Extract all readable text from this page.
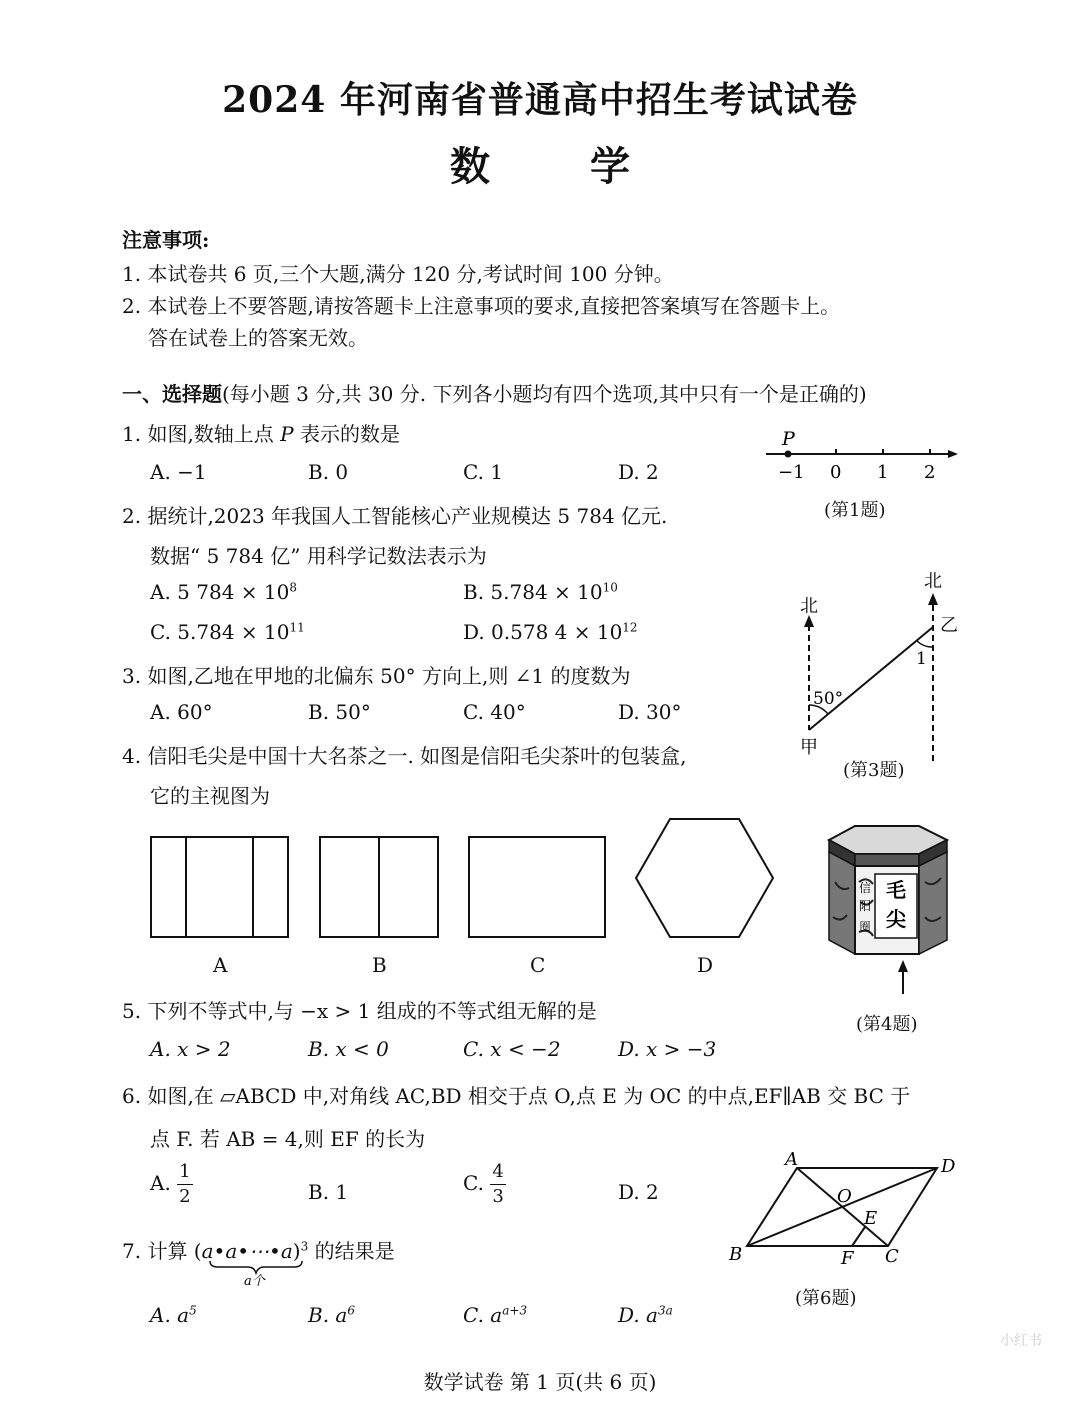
2024 年河南省普通高中招生考试试卷
数学
注意事项:
1. 本试卷共 6 页,三个大题,满分 120 分,考试时间 100 分钟。
2. 本试卷上不要答题,请按答题卡上注意事项的要求,直接把答案填写在答题卡上。
答在试卷上的答案无效。
一、选择题(每小题 3 分,共 30 分. 下列各小题均有四个选项,其中只有一个是正确的)
1. 如图,数轴上点 P 表示的数是
A. −1	B. 0	C. 1	D. 2
P
−1 0 1 2
(第1题)
2. 据统计,2023 年我国人工智能核心产业规模达 5 784 亿元.
数据“ 5 784 亿” 用科学记数法表示为
A. 5 $784 \times 10^8$	B. $5.784 \times 10^{10}$
C. $5.784 \times 10^{11}$	D. 0.578 $4 \times 10^{12}$
3. 如图,乙地在甲地的北偏东 50° 方向上,则 ∠1 的度数为
A. 60°	B. 50°	C. 40°	D. 30°
北
北
乙
甲
50°
1
(第3题)
4. 信阳毛尖是中国十大名茶之一. 如图是信阳毛尖茶叶的包装盒,
它的主视图为
A	B	C	D
毛
尖
信
阳
圈
(第4题)
5. 下列不等式中,与 −x > 1 组成的不等式组无解的是
A. x > 2	B. x < 0	C. x < −2	D. x > −3
6. 如图,在 ▱ABCD 中,对角线 AC,BD 相交于点 O,点 E 为 OC 的中点,EF∥AB 交 BC 于
点 F. 若 AB = 4,则 EF 的长为
A. $\frac{1}{2}$	B. 1	C. $\frac{4}{3}$	D. 2
A	D
B	C
O
E
F
(第6题)
7. 计算 (a•a•⋯•a)$^3$ 的结果是
a个
A. $a^5$	B. $a^6$	C. $a^{a+3}$	D. $a^{3a}$
数学试卷 第 1 页(共 6 页)
小红书
